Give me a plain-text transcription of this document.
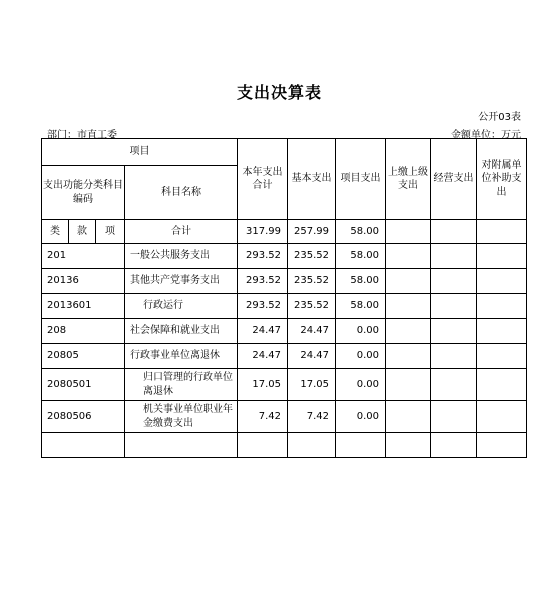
支出决算表
公开03表
部门：市直工委	金额单位：万元
项目				本年支出合计	基本支出	项目支出	上缴上级支出	经营支出	对附属单位补助支出
支出功能分类科目编码			科目名称						
类	款	项	合计	317.99	257.99	58.00			
201			一般公共服务支出	293.52	235.52	58.00			
20136			其他共产党事务支出	293.52	235.52	58.00			
2013601			行政运行	293.52	235.52	58.00			
208			社会保障和就业支出	24.47	24.47	0.00			
20805			行政事业单位离退休	24.47	24.47	0.00			
2080501			归口管理的行政单位离退休	17.05	17.05	0.00			
2080506			机关事业单位职业年金缴费支出	7.42	7.42	0.00			
